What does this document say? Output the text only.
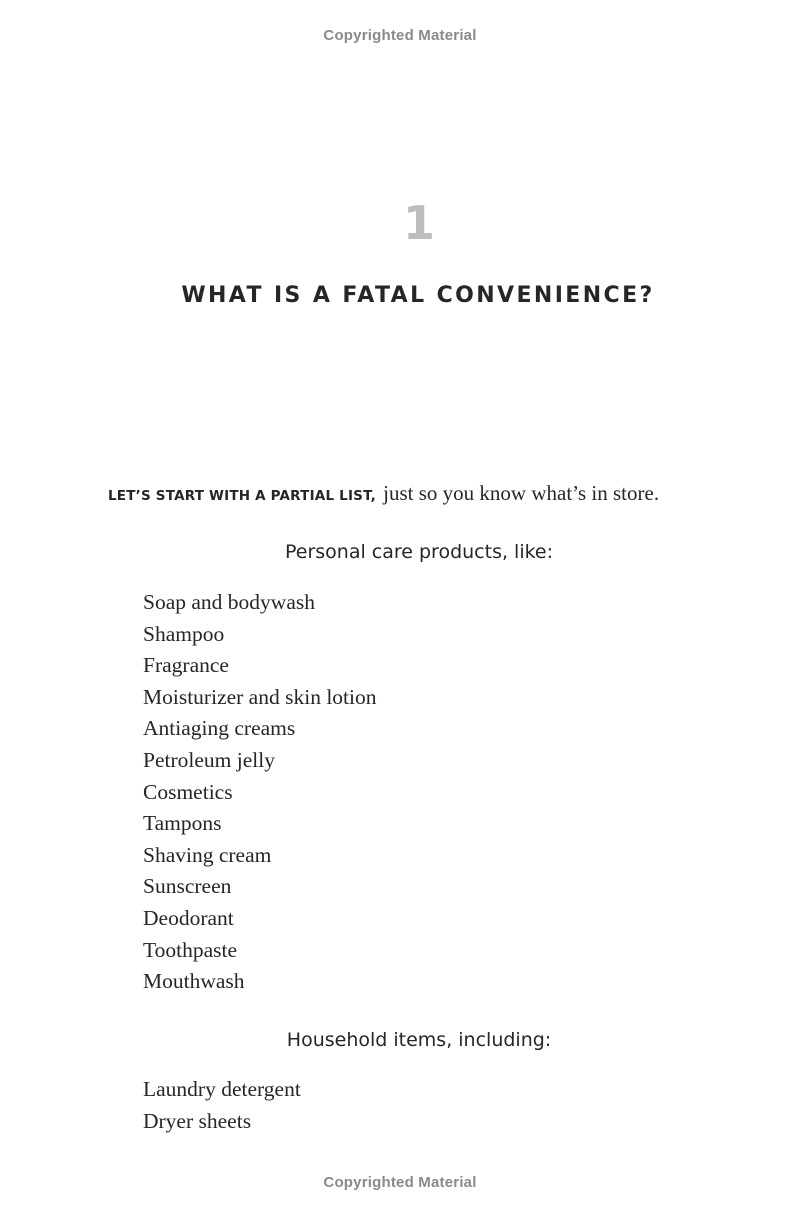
Copyrighted Material
1
WHAT IS A FATAL CONVENIENCE?
LET’S START WITH A PARTIAL LIST, just so you know what’s in store.
Personal care products, like:
Soap and bodywash
Shampoo
Fragrance
Moisturizer and skin lotion
Antiaging creams
Petroleum jelly
Cosmetics
Tampons
Shaving cream
Sunscreen
Deodorant
Toothpaste
Mouthwash
Household items, including:
Laundry detergent
Dryer sheets
Copyrighted Material
